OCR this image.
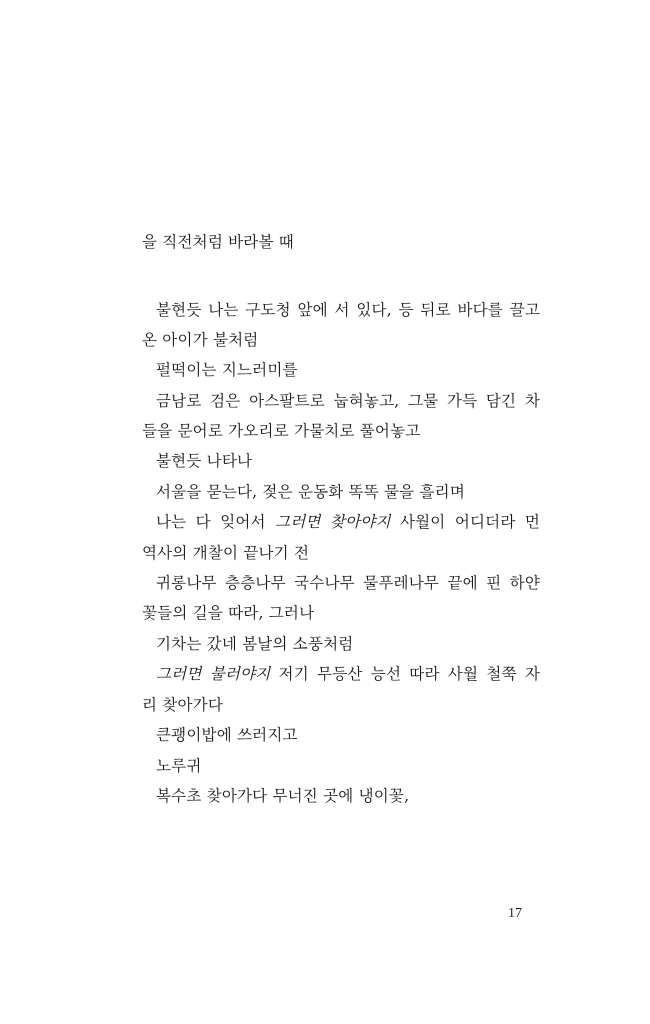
을 직전처럼 바라볼 때
불현듯 나는 구도청 앞에 서 있다, 등 뒤로 바다를 끌고
온 아이가 불처럼
펄떡이는 지느러미를
금남로 검은 아스팔트로 눕혀놓고, 그물 가득 담긴 차
들을 문어로 가오리로 가물치로 풀어놓고
불현듯 나타나
서울을 묻는다, 젖은 운동화 똑똑 물을 흘리며
나는 다 잊어서 그러면 찾아야지 사월이 어디더라 먼
역사의 개찰이 끝나기 전
귀롱나무 층층나무 국수나무 물푸레나무 끝에 핀 하얀
꽃들의 길을 따라, 그러나
기차는 갔네 봄날의 소풍처럼
그러면 불러야지 저기 무등산 능선 따라 사월 철쭉 자
리 찾아가다
큰괭이밥에 쓰러지고
노루귀
복수초 찾아가다 무너진 곳에 냉이꽃,
17
